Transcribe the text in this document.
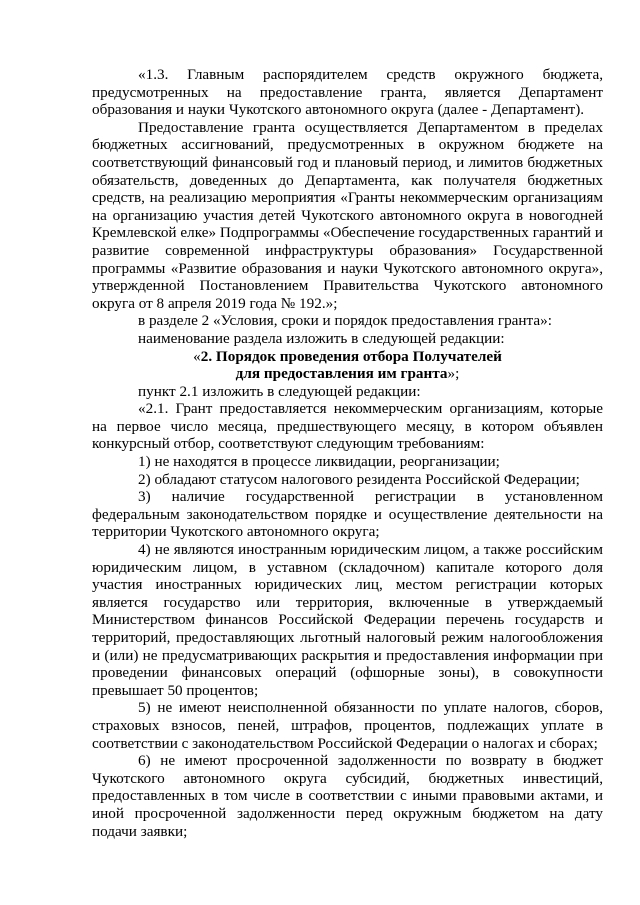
«1.3. Главным распорядителем средств окружного бюджета, предусмотренных на предоставление гранта, является Департамент образования и науки Чукотского автономного округа (далее - Департамент).

Предоставление гранта осуществляется Департаментом в пределах бюджетных ассигнований, предусмотренных в окружном бюджете на соответствующий финансовый год и плановый период, и лимитов бюджетных обязательств, доведенных до Департамента, как получателя бюджетных средств, на реализацию мероприятия «Гранты некоммерческим организациям на организацию участия детей Чукотского автономного округа в новогодней Кремлевской елке» Подпрограммы «Обеспечение государственных гарантий и развитие современной инфраструктуры образования» Государственной программы «Развитие образования и науки Чукотского автономного округа», утвержденной Постановлением Правительства Чукотского автономного округа от 8 апреля 2019 года № 192.»;

в разделе 2 «Условия, сроки и порядок предоставления гранта»:

наименование раздела изложить в следующей редакции:

«2. Порядок проведения отбора Получателей
для предоставления им гранта»;

пункт 2.1 изложить в следующей редакции:

«2.1. Грант предоставляется некоммерческим организациям, которые на первое число месяца, предшествующего месяцу, в котором объявлен конкурсный отбор, соответствуют следующим требованиям:

1) не находятся в процессе ликвидации, реорганизации;

2) обладают статусом налогового резидента Российской Федерации;

3) наличие государственной регистрации в установленном федеральным законодательством порядке и осуществление деятельности на территории Чукотского автономного округа;

4) не являются иностранным юридическим лицом, а также российским юридическим лицом, в уставном (складочном) капитале которого доля участия иностранных юридических лиц, местом регистрации которых является государство или территория, включенные в утверждаемый Министерством финансов Российской Федерации перечень государств и территорий, предоставляющих льготный налоговый режим налогообложения и (или) не предусматривающих раскрытия и предоставления информации при проведении финансовых операций (офшорные зоны), в совокупности превышает 50 процентов;

5) не имеют неисполненной обязанности по уплате налогов, сборов, страховых взносов, пеней, штрафов, процентов, подлежащих уплате в соответствии с законодательством Российской Федерации о налогах и сборах;

6) не имеют просроченной задолженности по возврату в бюджет Чукотского автономного округа субсидий, бюджетных инвестиций, предоставленных в том числе в соответствии с иными правовыми актами, и иной просроченной задолженности перед окружным бюджетом на дату подачи заявки;
